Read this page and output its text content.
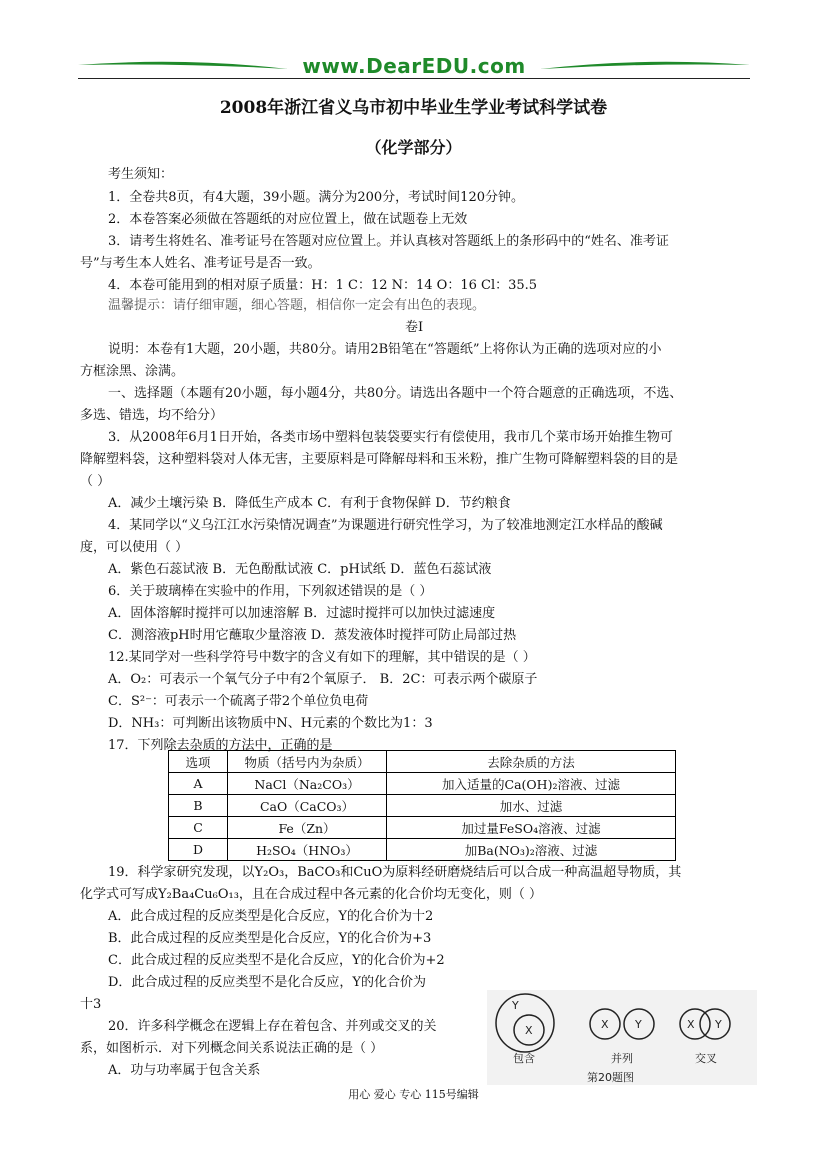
www.DearEDU.com
2008年浙江省义乌市初中毕业生学业考试科学试卷
（化学部分）
考生须知：
1．全卷共8页，有4大题，39小题。满分为200分，考试时间120分钟。
2．本卷答案必须做在答题纸的对应位置上，做在试题卷上无效
3．请考生将姓名、准考证号在答题对应位置上。并认真核对答题纸上的条形码中的“姓名、准考证
号”与考生本人姓名、准考证号是否一致。
4．本卷可能用到的相对原子质量：H：1 C：12 N：14 O：16 Cl：35.5
温馨提示：请仔细审题，细心答题，相信你一定会有出色的表现。
卷Ⅰ
说明：本卷有1大题，20小题，共80分。请用2B铅笔在“答题纸”上将你认为正确的选项对应的小
方框涂黑、涂满。
一、选择题（本题有20小题，每小题4分，共80分。请选出各题中一个符合题意的正确选项，不选、
多选、错选，均不给分）
3．从2008年6月1日开始，各类市场中塑料包装袋要实行有偿使用，我市几个菜市场开始推生物可
降解塑料袋，这种塑料袋对人体无害，主要原料是可降解母料和玉米粉，推广生物可降解塑料袋的目的是
（ ）
A．减少土壤污染 B．降低生产成本 C．有利于食物保鲜 D．节约粮食
4．某同学以“义乌江江水污染情况调查”为课题进行研究性学习，为了较准地测定江水样品的酸碱
度，可以使用（ ）
A．紫色石蕊试液 B．无色酚酞试液 C．pH试纸 D．蓝色石蕊试液
6．关于玻璃棒在实验中的作用，下列叙述错误的是（ ）
A．固体溶解时搅拌可以加速溶解 B．过滤时搅拌可以加快过滤速度
C．测溶液pH时用它蘸取少量溶液 D．蒸发液体时搅拌可防止局部过热
12.某同学对一些科学符号中数字的含义有如下的理解，其中错误的是（ ）
A．O₂：可表示一个氧气分子中有2个氧原子． B．2C：可表示两个碳原子
C．S²⁻：可表示一个硫离子带2个单位负电荷
D．NH₃：可判断出该物质中N、H元素的个数比为1：3
17．下列除去杂质的方法中，正确的是
选项	物质（括号内为杂质）	去除杂质的方法
A	NaCl（Na₂CO₃）	加入适量的Ca(OH)₂溶液、过滤
B	CaO（CaCO₃）	加水、过滤
C	Fe（Zn）	加过量FeSO₄溶液、过滤
D	H₂SO₄（HNO₃）	加Ba(NO₃)₂溶液、过滤
19．科学家研究发现，以Y₂O₃，BaCO₃和CuO为原料经研磨烧结后可以合成一种高温超导物质，其
化学式可写成Y₂Ba₄Cu₆O₁₃，且在合成过程中各元素的化合价均无变化，则（ ）
A．此合成过程的反应类型是化合反应，Y的化合价为十2
B．此合成过程的反应类型是化合反应，Y的化合价为+3
C．此合成过程的反应类型不是化合反应，Y的化合价为+2
D．此合成过程的反应类型不是化合反应，Y的化合价为
十3
20．许多科学概念在逻辑上存在着包含、并列或交叉的关
系，如图析示．对下列概念间关系说法正确的是（ ）
A．功与功率属于包含关系
Y
X	X Y	X Y
包含	并列	交叉
第20题图
用心 爱心 专心 115号编辑
